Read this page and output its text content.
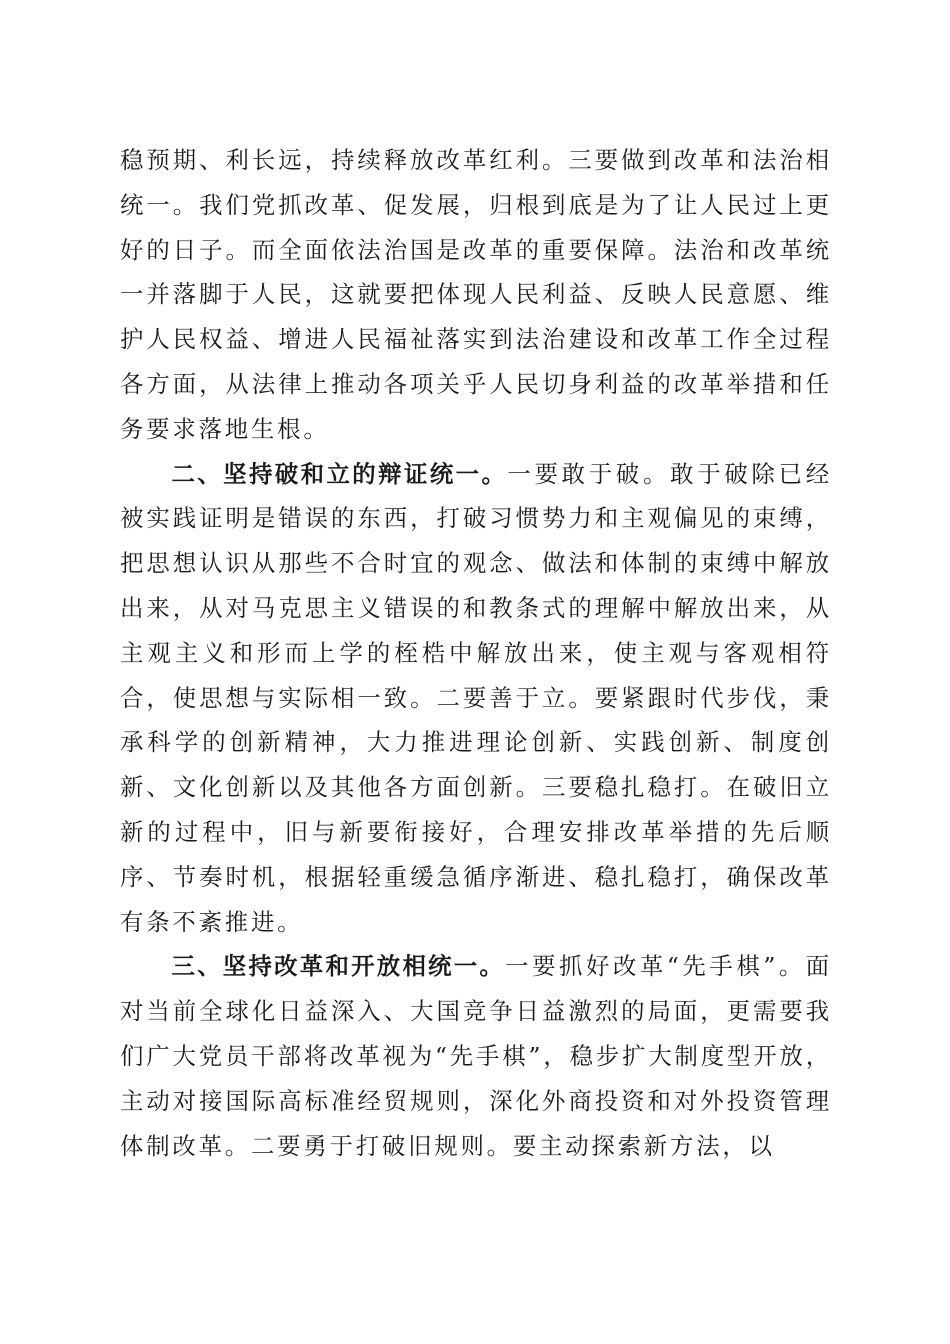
稳预期、利长远，持续释放改革红利。三要做到改革和法治相统一。我们党抓改革、促发展，归根到底是为了让人民过上更好的日子。而全面依法治国是改革的重要保障。法治和改革统一并落脚于人民，这就要把体现人民利益、反映人民意愿、维护人民权益、增进人民福祉落实到法治建设和改革工作全过程各方面，从法律上推动各项关乎人民切身利益的改革举措和任务要求落地生根。

二、坚持破和立的辩证统一。一要敢于破。敢于破除已经被实践证明是错误的东西，打破习惯势力和主观偏见的束缚，把思想认识从那些不合时宜的观念、做法和体制的束缚中解放出来，从对马克思主义错误的和教条式的理解中解放出来，从主观主义和形而上学的桎梏中解放出来，使主观与客观相符合，使思想与实际相一致。二要善于立。要紧跟时代步伐，秉承科学的创新精神，大力推进理论创新、实践创新、制度创新、文化创新以及其他各方面创新。三要稳扎稳打。在破旧立新的过程中，旧与新要衔接好，合理安排改革举措的先后顺序、节奏时机，根据轻重缓急循序渐进、稳扎稳打，确保改革有条不紊推进。

三、坚持改革和开放相统一。一要抓好改革“先手棋”。面对当前全球化日益深入、大国竞争日益激烈的局面，更需要我们广大党员干部将改革视为“先手棋”，稳步扩大制度型开放，主动对接国际高标准经贸规则，深化外商投资和对外投资管理体制改革。二要勇于打破旧规则。要主动探索新方法，以
